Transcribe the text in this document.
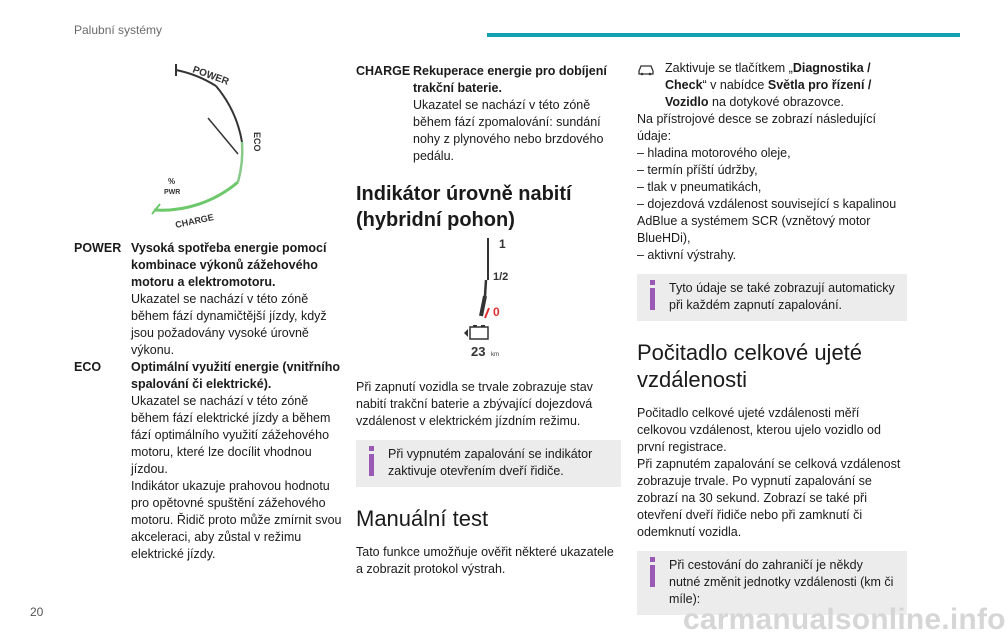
Palubní systémy
POWER
ECO
%
PWR
CHARGE
POWER Vysoká spotřeba energie pomocí kombinace výkonů zážehového motoru a elektromotoru.

Ukazatel se nachází v této zóně během fází dynamičtější jízdy, když jsou požadovány vysoké úrovně výkonu.

ECO	Optimální využití energie (vnitřního spalování či elektrické).

Ukazatel se nachází v této zóně během fází elektrické jízdy a během fází optimálního využití zážehového motoru, které lze docílit vhodnou jízdou.

Indikátor ukazuje prahovou hodnotu pro opětovné spuštění zážehového motoru. Řidič proto může zmírnit svou akceleraci, aby zůstal v režimu elektrické jízdy.

CHARGE Rekuperace energie pro dobíjení trakční baterie.

Ukazatel se nachází v této zóně během fází zpomalování: sundání nohy z plynového nebo brzdového pedálu.

Indikátor úrovně nabití (hybridní pohon)

Při zapnutí vozidla se trvale zobrazuje stav nabití trakční baterie a zbývající dojezdová vzdálenost v elektrickém jízdním režimu.

Při vypnutém zapalování se indikátor zaktivuje otevřením dveří řidiče.
Manuální test

Tato funkce umožňuje ověřit některé ukazatele a zobrazit protokol výstrah.

1
1/2
0
23 km
Zaktivuje se tlačítkem „Diagnostika / Check“ v nabídce Světla pro řízení / Vozidlo na dotykové obrazovce.

Na přístrojové desce se zobrazí následující údaje:

– hladina motorového oleje,
– termín příští údržby,
– tlak v pneumatikách,
– dojezdová vzdálenost související s kapalinou AdBlue a systémem SCR (vznětový motor BlueHDi),
– aktivní výstrahy.
Tyto údaje se také zobrazují automaticky při každém zapnutí zapalování.
Počitadlo celkové ujeté vzdálenosti

Počitadlo celkové ujeté vzdálenosti měří celkovou vzdálenost, kterou ujelo vozidlo od první registrace.

Při zapnutém zapalování se celková vzdálenost zobrazuje trvale. Po vypnutí zapalování se zobrazí na 30 sekund. Zobrazí se také při otevření dveří řidiče nebo při zamknutí či odemknutí vozidla.

Při cestování do zahraničí je někdy nutné změnit jednotky vzdálenosti (km či míle):
20	carmanualsonline.info
